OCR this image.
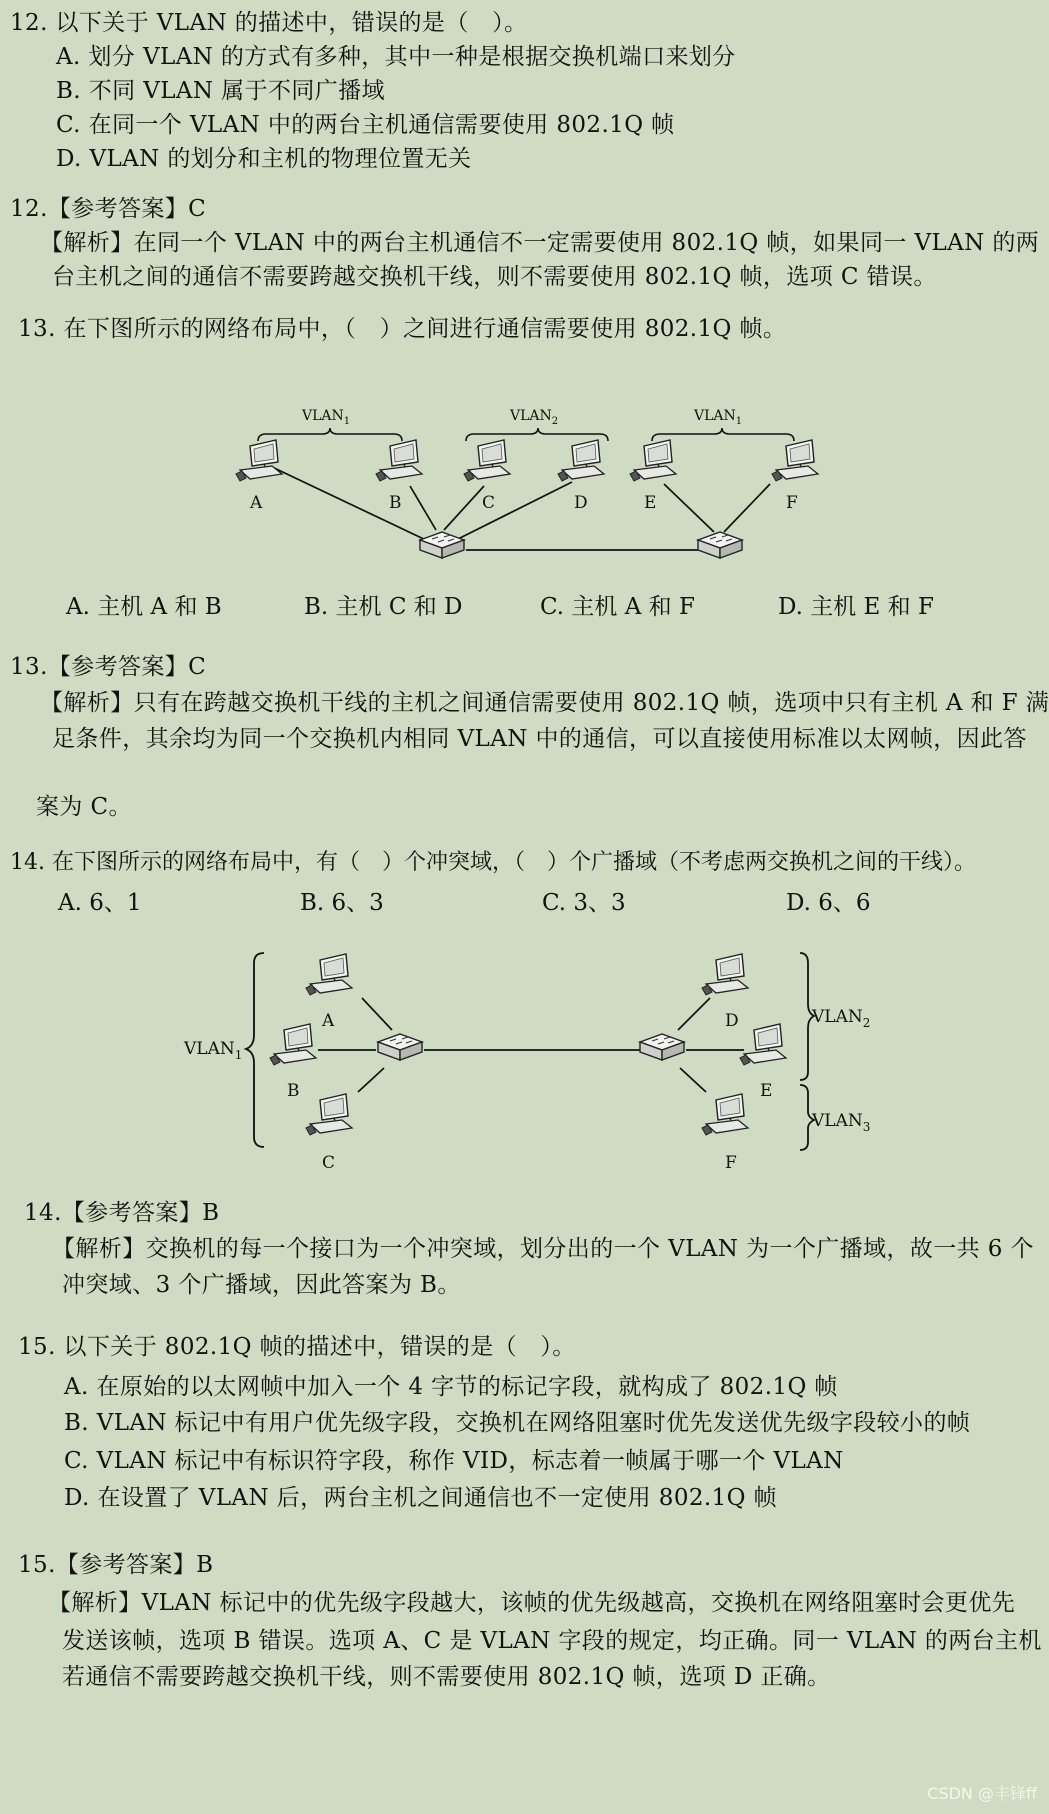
12. 以下关于 VLAN 的描述中，错误的是（　）。
A. 划分 VLAN 的方式有多种，其中一种是根据交换机端口来划分
B. 不同 VLAN 属于不同广播域
C. 在同一个 VLAN 中的两台主机通信需要使用 802.1Q 帧
D. VLAN 的划分和主机的物理位置无关
12.【参考答案】C
【解析】在同一个 VLAN 中的两台主机通信不一定需要使用 802.1Q 帧，如果同一 VLAN 的两
台主机之间的通信不需要跨越交换机干线，则不需要使用 802.1Q 帧，选项 C 错误。
13. 在下图所示的网络布局中，（　）之间进行通信需要使用 802.1Q 帧。
$VLAN_1$	$VLAN_2$	$VLAN_1$
A	B	C	D	E	F
$VLAN_1$
$VLAN_2$
$VLAN_3$
A
B
C
D
E
F
A. 主机 A 和 B	B. 主机 C 和 D	C. 主机 A 和 F	D. 主机 E 和 F
13.【参考答案】C
【解析】只有在跨越交换机干线的主机之间通信需要使用 802.1Q 帧，选项中只有主机 A 和 F 满
足条件，其余均为同一个交换机内相同 VLAN 中的通信，可以直接使用标准以太网帧，因此答
案为 C。
14. 在下图所示的网络布局中，有（　）个冲突域，（　）个广播域（不考虑两交换机之间的干线）。
A. 6、1	B. 6、3	C. 3、3	D. 6、6
14.【参考答案】B
【解析】交换机的每一个接口为一个冲突域，划分出的一个 VLAN 为一个广播域，故一共 6 个
冲突域、3 个广播域，因此答案为 B。
15. 以下关于 802.1Q 帧的描述中，错误的是（　）。
A. 在原始的以太网帧中加入一个 4 字节的标记字段，就构成了 802.1Q 帧
B. VLAN 标记中有用户优先级字段，交换机在网络阻塞时优先发送优先级字段较小的帧
C. VLAN 标记中有标识符字段，称作 VID，标志着一帧属于哪一个 VLAN
D. 在设置了 VLAN 后，两台主机之间通信也不一定使用 802.1Q 帧
15.【参考答案】B
【解析】VLAN 标记中的优先级字段越大，该帧的优先级越高，交换机在网络阻塞时会更优先
发送该帧，选项 B 错误。选项 A、C 是 VLAN 字段的规定，均正确。同一 VLAN 的两台主机
若通信不需要跨越交换机干线，则不需要使用 802.1Q 帧，选项 D 正确。
CSDN @丰锋ff
